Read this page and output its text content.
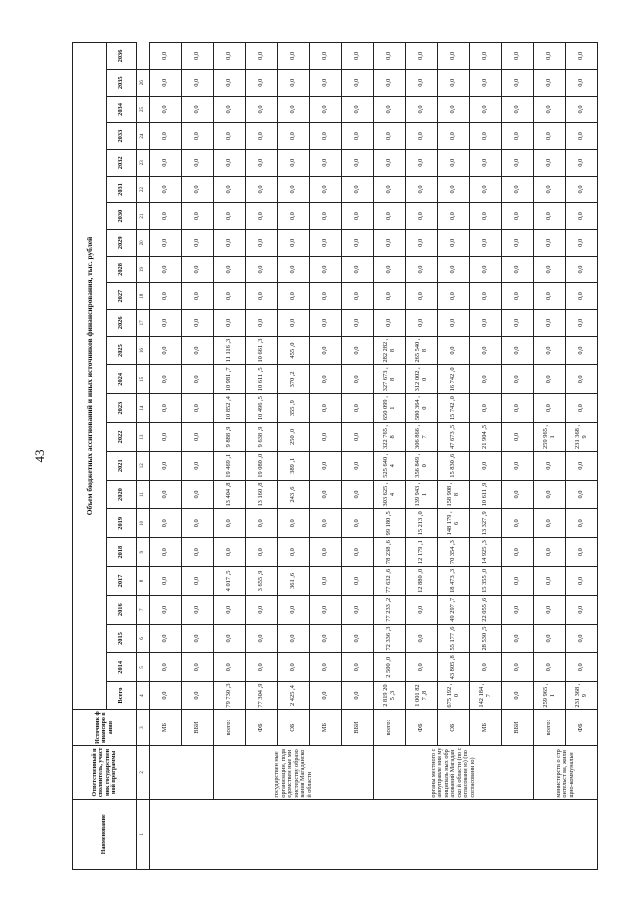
43
Наименование	Ответственный исполнитель, участник государственной программы	Источник финансиро вания	Объем бюджетных ассигнований и иных источников финансирования, тыс. рублей																							
			Всего	2014	2015	2016	2017	2018	2019	2020	2021	2022	2023	2024	2025	2026	2027	2028	2029	2030	2031	2032	2033	2034	2035	2036
1	2	3	4	5	6	7	8	9	10	11	12	13	14	15	16	17	18	19	20	21	22	23	24	25	26	
		МБ	0,0	0,0	0,0	0,0	0,0	0,0	0,0	0,0	0,0	0,0	0,0	0,0	0,0	0,0	0,0	0,0	0,0	0,0	0,0	0,0	0,0	0,0	0,0	0,0
		ВБИ	0,0	0,0	0,0	0,0	0,0	0,0	0,0	0,0	0,0	0,0	0,0	0,0	0,0	0,0	0,0	0,0	0,0	0,0	0,0	0,0	0,0	0,0	0,0	0,0
	государствен ные организации, подведомствен ные министерству образования Магаданской области	всего:	79 730 ,3	0,0	0,0	0,0	4 017 ,5	0,0	0,0	13 404 ,8	19 469 ,1	9 888 ,9	10 852 ,4	10 981 ,7	11 116 ,3	0,0	0,0	0,0	0,0	0,0	0,0	0,0	0,0	0,0	0,0	0,0
		ФБ	77 304 ,9	0,0	0,0	0,0	3 655 ,9	0,0	0,0	13 160 ,8	19 080 ,0	9 638 ,9	10 496 ,5	10 611 ,5	10 661 ,3	0,0	0,0	0,0	0,0	0,0	0,0	0,0	0,0	0,0	0,0	0,0
		ОБ	2 425 ,4	0,0	0,0	0,0	361 ,6	0,0	0,0	243 ,6	389 ,1	250 ,0	355 ,9	370 ,2	455 ,0	0,0	0,0	0,0	0,0	0,0	0,0	0,0	0,0	0,0	0,0	0,0
		МБ	0,0	0,0	0,0	0,0	0,0	0,0	0,0	0,0	0,0	0,0	0,0	0,0	0,0	0,0	0,0	0,0	0,0	0,0	0,0	0,0	0,0	0,0	0,0	0,0
		ВБИ	0,0	0,0	0,0	0,0	0,0	0,0	0,0	0,0	0,0	0,0	0,0	0,0	0,0	0,0	0,0	0,0	0,0	0,0	0,0	0,0	0,0	0,0	0,0	0,0
	органы местного самоуправле ния муниципаль ных образований Магаданско й области (по согласовани ю) (по согласовани ю)	всего:	2 819 205 ,3	2 500 ,0	72 336 ,3	77 233 ,2	77 632 ,6	78 238 ,6	99 180 ,5	303 625 ,4	525 640 ,4	322 765 ,8	650 099 ,1	327 673 ,8	282 282 ,8	0,0	0,0	0,0	0,0	0,0	0,0	0,0	0,0	0,0	0,0	0,0
		ФБ	1 001 827 ,8	0,0	0,0	0,0	12 880 ,0	12 179 ,1	15 213 ,0	139 943 ,1	356 849 ,0	306 866 ,7	580 364 ,0	312 002 ,0	265 540 ,8	0,0	0,0	0,0	0,0	0,0	0,0	0,0	0,0	0,0	0,0	0,0
		ОБ	675 192 ,0	43 805 ,8	55 177 ,6	49 297 ,7	18 473 ,3	70 354 ,3	148 179 ,6	158 908 ,8	15 830 ,6	47 673 ,5	15 742 ,0	16 742 ,0	0,0	0,0	0,0	0,0	0,0	0,0	0,0	0,0	0,0	0,0	0,0	0,0
		МБ	142 184 ,7	0,0	28 530 ,5	22 055 ,6	15 355 ,0	14 925 ,3	13 327 ,9	10 611 ,9	0,0	21 904 ,5	0,0	0,0	0,0	0,0	0,0	0,0	0,0	0,0	0,0	0,0	0,0	0,0	0,0	0,0
		ВБИ	0,0	0,0	0,0	0,0	0,0	0,0	0,0	0,0	0,0	0,0	0,0	0,0	0,0	0,0	0,0	0,0	0,0	0,0	0,0	0,0	0,0	0,0	0,0	0,0
	министерств о строительст ва, жилищно-коммунальн	всего:	259 965 ,1	0,0	0,0	0,0	0,0	0,0	0,0	0,0	0,0	259 965 ,1	0,0	0,0	0,0	0,0	0,0	0,0	0,0	0,0	0,0	0,0	0,0	0,0	0,0	0,0
		ФБ	231 368 ,9	0,0	0,0	0,0	0,0	0,0	0,0	0,0	0,0	231 368 ,9	0,0	0,0	0,0	0,0	0,0	0,0	0,0	0,0	0,0	0,0	0,0	0,0	0,0	0,0
